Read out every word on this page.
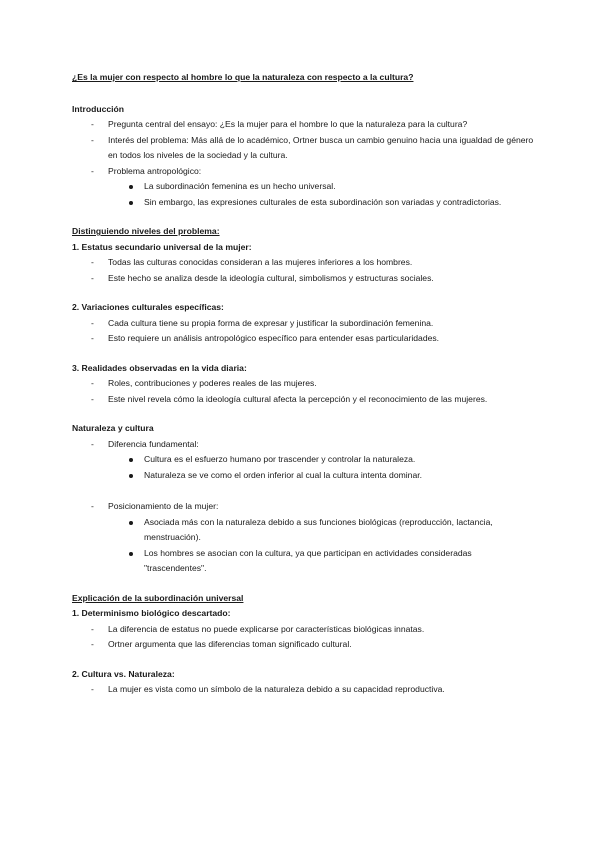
¿Es la mujer con respecto al hombre lo que la naturaleza con respecto a la cultura?

Introducción

- Pregunta central del ensayo: ¿Es la mujer para el hombre lo que la naturaleza para la cultura?
- Interés del problema: Más allá de lo académico, Ortner busca un cambio genuino hacia una igualdad de género en todos los niveles de la sociedad y la cultura.
- Problema antropológico:
La subordinación femenina es un hecho universal.
Sin embargo, las expresiones culturales de esta subordinación son variadas y contradictorias.

Distinguiendo niveles del problema:

1. Estatus secundario universal de la mujer:

- Todas las culturas conocidas consideran a las mujeres inferiores a los hombres.
- Este hecho se analiza desde la ideología cultural, simbolismos y estructuras sociales.

2. Variaciones culturales específicas:

- Cada cultura tiene su propia forma de expresar y justificar la subordinación femenina.
- Esto requiere un análisis antropológico específico para entender esas particularidades.

3. Realidades observadas en la vida diaria:

- Roles, contribuciones y poderes reales de las mujeres.
- Este nivel revela cómo la ideología cultural afecta la percepción y el reconocimiento de las mujeres.

Naturaleza y cultura

- Diferencia fundamental:
Cultura es el esfuerzo humano por trascender y controlar la naturaleza.
Naturaleza se ve como el orden inferior al cual la cultura intenta dominar.
- Posicionamiento de la mujer:
Asociada más con la naturaleza debido a sus funciones biológicas (reproducción, lactancia, menstruación).
Los hombres se asocian con la cultura, ya que participan en actividades consideradas "trascendentes".

Explicación de la subordinación universal

1. Determinismo biológico descartado:

- La diferencia de estatus no puede explicarse por características biológicas innatas.
- Ortner argumenta que las diferencias toman significado cultural.

2. Cultura vs. Naturaleza:

- La mujer es vista como un símbolo de la naturaleza debido a su capacidad reproductiva.
